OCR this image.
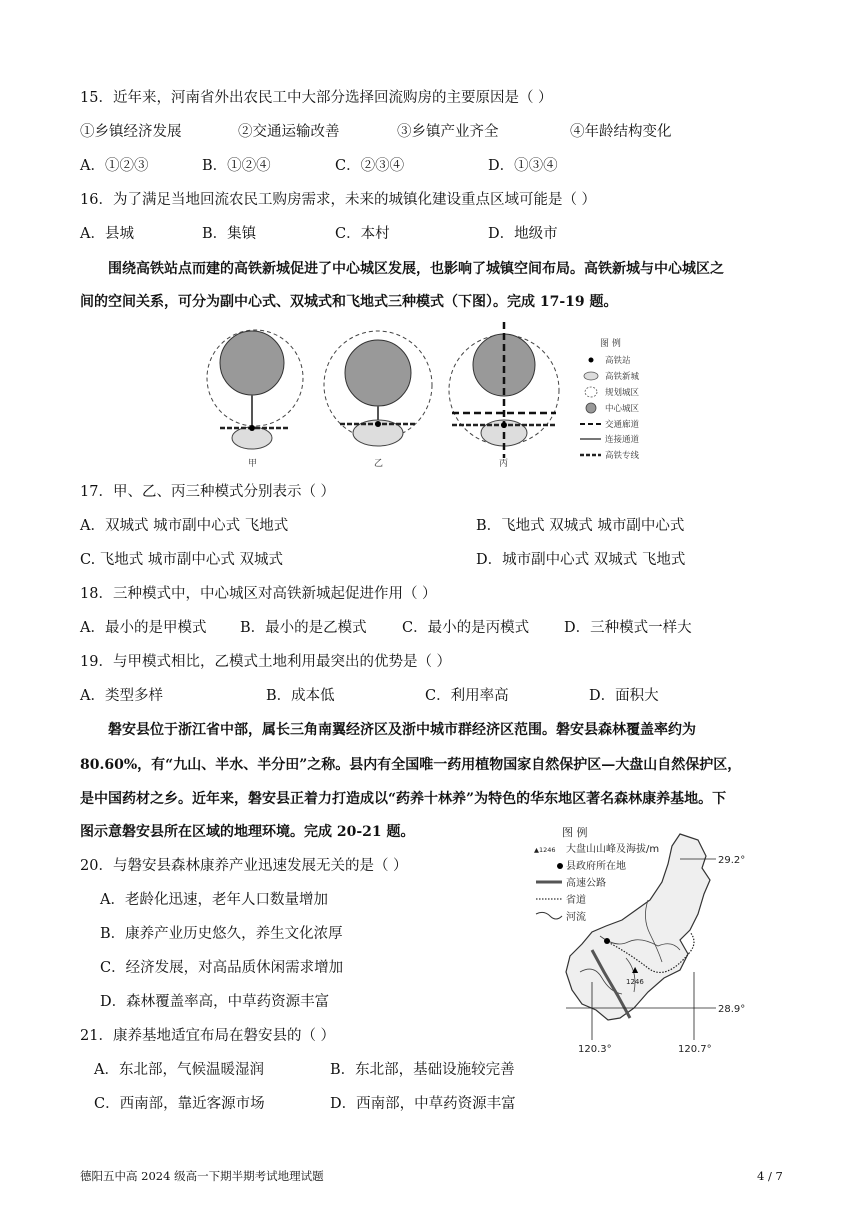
15．近年来，河南省外出农民工中大部分选择回流购房的主要原因是（ ）
①乡镇经济发展	②交通运输改善	③乡镇产业齐全	④年龄结构变化
A．①②③	B．①②④	C．②③④	D．①③④
16．为了满足当地回流农民工购房需求，未来的城镇化建设重点区域可能是（ ）
A．县城	B．集镇	C．本村	D．地级市
围绕高铁站点而建的高铁新城促进了中心城区发展，也影响了城镇空间布局。高铁新城与中心城区之
间的空间关系，可分为副中心式、双城式和飞地式三种模式（下图）。完成 17-19 题。
甲	乙	丙
图 例
高铁站
高铁新城
规划城区
中心城区
交通廊道
连接通道
高铁专线
17．甲、乙、丙三种模式分别表示（ ）
A．双城式 城市副中心式 飞地式	B．飞地式 双城式 城市副中心式
C. 飞地式 城市副中心式 双城式	D．城市副中心式 双城式 飞地式
18．三种模式中，中心城区对高铁新城起促进作用（ ）
A．最小的是甲模式 B．最小的是乙模式 C．最小的是丙模式 D．三种模式一样大
19．与甲模式相比，乙模式土地利用最突出的优势是（ ）
A．类型多样	B．成本低	C．利用率高	D．面积大
磐安县位于浙江省中部，属长三角南翼经济区及浙中城市群经济区范围。磐安县森林覆盖率约为
80.60%，有“九山、半水、半分田”之称。县内有全国唯一药用植物国家自然保护区—大盘山自然保护区，
是中国药材之乡。近年来，磐安县正着力打造成以“药养十林养”为特色的华东地区著名森林康养基地。下
图示意磐安县所在区域的地理环境。完成 20-21 题。
20．与磐安县森林康养产业迅速发展无关的是（ ）
A．老龄化迅速，老年人口数量增加
B．康养产业历史悠久，养生文化浓厚
C．经济发展，对高品质休闲需求增加
D．森林覆盖率高，中草药资源丰富
21．康养基地适宜布局在磐安县的（ ）
A．东北部，气候温暖湿润	B．东北部，基础设施较完善
C．西南部，靠近客源市场	D．西南部，中草药资源丰富
图 例
▲1246 大盘山山峰及海拔/m
县政府所在地
高速公路
省道
河流
▲
1246
29.2°
28.9°
120.3°	120.7°
德阳五中高 2024 级高一下期半期考试地理试题	4 / 7
